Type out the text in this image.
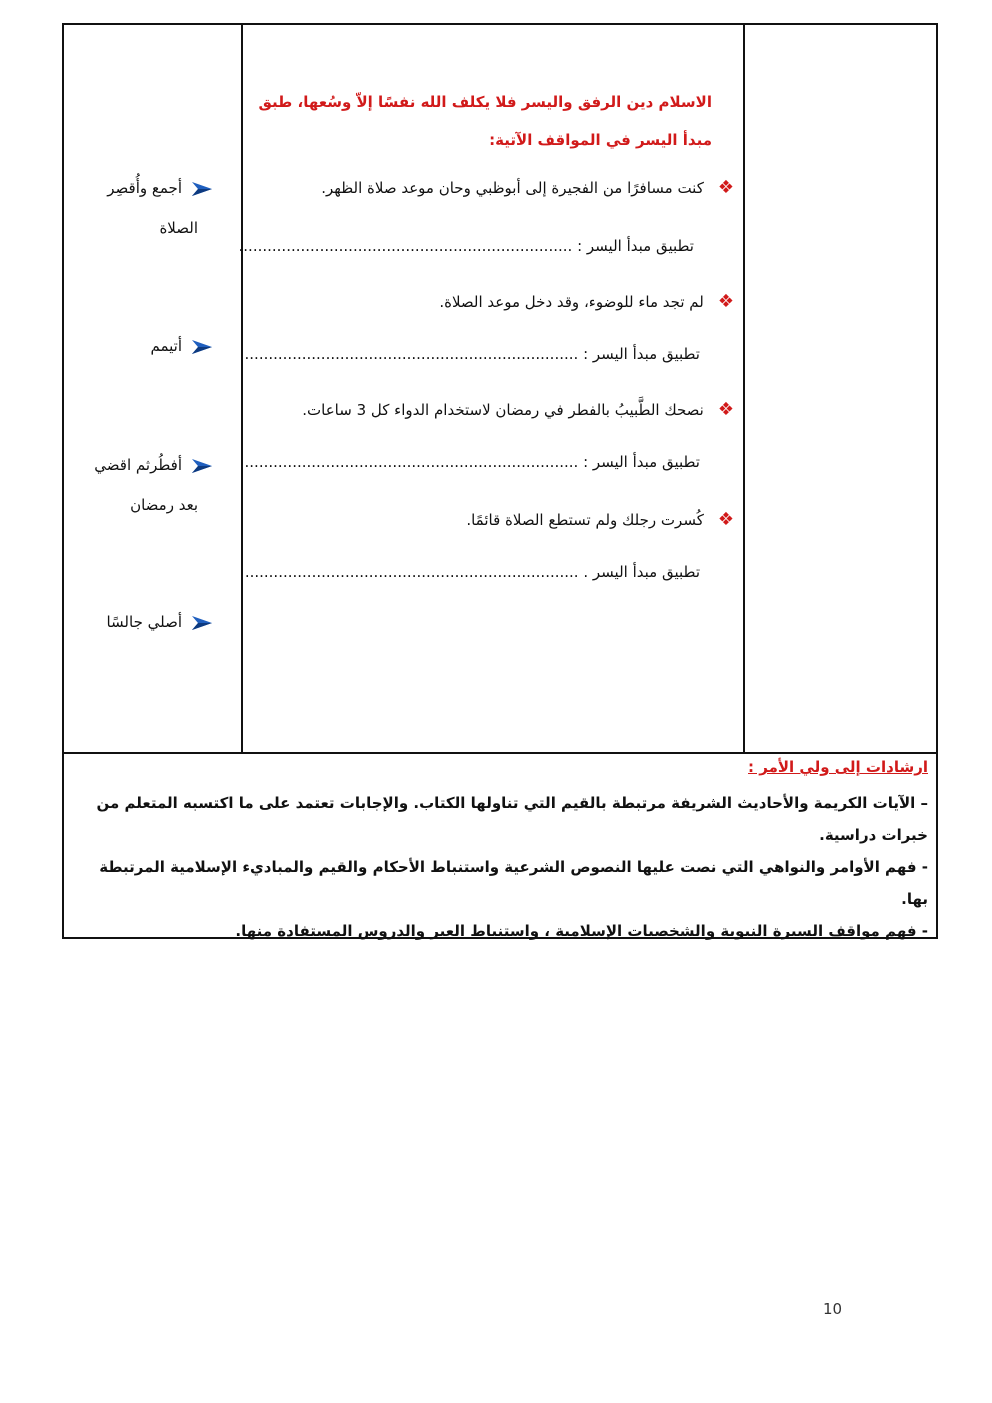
الاسلام دين الرفق واليسر فلا يكلف الله نفسًا إلاّ وسُعها، طبق مبدأ اليسر في المواقف الآتية:
❖كنت مسافرًا من الفجيرة إلى أبوظبي وحان موعد صلاة الظهر.
تطبيق مبدأ اليسر : ......................................................................
❖لم تجد ماء للوضوء، وقد دخل موعد الصلاة.
تطبيق مبدأ اليسر : ......................................................................
❖نصحك الطَّبيبُ بالفطر في رمضان لاستخدام الدواء كل 3 ساعات.
تطبيق مبدأ اليسر : ......................................................................
❖كُسرت رجلك ولم تستطع الصلاة قائمًا.
تطبيق مبدأ اليسر . ......................................................................
أجمع وأُقصِر
الصلاة
أتيمم
أفطُرثم اقضي
بعد رمضان
أصلي جالسًا
ارشادات إلى ولي الأمر :
– الآيات الكريمة والأحاديث الشريفة مرتبطة بالقيم التي تناولها الكتاب. والإجابات تعتمد على ما اكتسبه المتعلم من خبرات دراسية.
- فهم الأوامر والنواهي التي نصت عليها النصوص الشرعية واستنباط الأحكام والقيم والمباديء الإسلامية المرتبطة بها.
- فهم مواقف السيرة النبوية والشخصيات الإسلامية ، واستنباط العبر والدروس المستفادة منها.
10
